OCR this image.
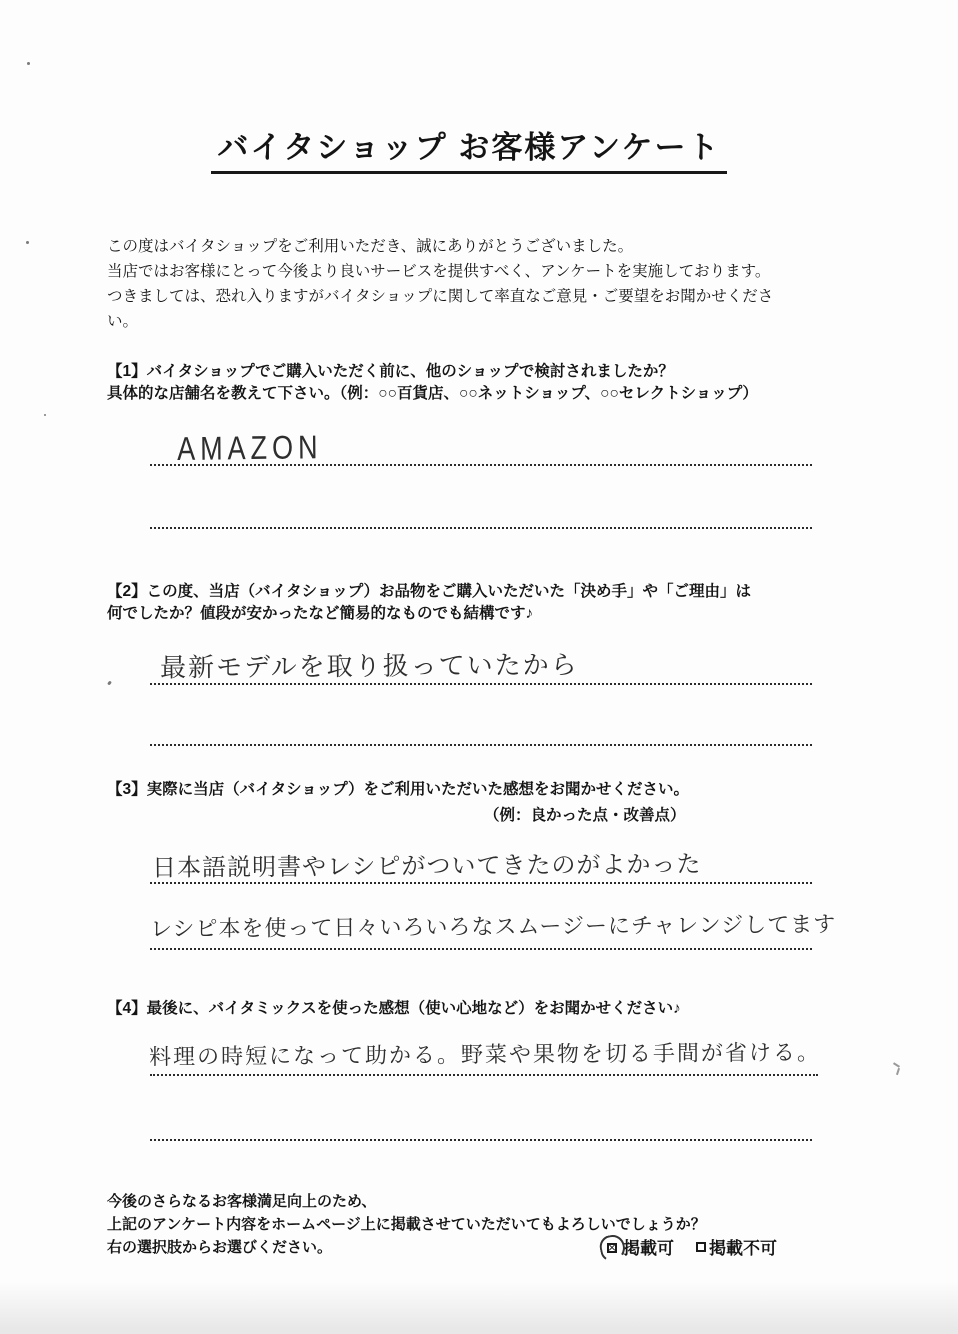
バイタショップ お客様アンケート
この度はバイタショップをご利用いただき、誠にありがとうございました。
当店ではお客様にとって今後より良いサービスを提供すべく、アンケートを実施しております。
つきましては、恐れ入りますがバイタショップに関して率直なご意見・ご要望をお聞かせくださ
い。
【1】バイタショップでご購入いただく前に、他のショップで検討されましたか？
具体的な店舗名を教えて下さい。（例：○○百貨店、○○ネットショップ、○○セレクトショップ）
AMAZON
【2】この度、当店（バイタショップ）お品物をご購入いただいた「決め手」や「ご理由」は
何でしたか？値段が安かったなど簡易的なものでも結構です♪
最新モデルを取り扱っていたから
【3】実際に当店（バイタショップ）をご利用いただいた感想をお聞かせください。
（例：良かった点・改善点）
日本語説明書やレシピがついてきたのがよかった
レシピ本を使って日々いろいろなスムージーにチャレンジしてます
【4】最後に、バイタミックスを使った感想（使い心地など）をお聞かせください♪
料理の時短になって助かる。野菜や果物を切る手間が省ける。
今後のさらなるお客様満足向上のため、
上記のアンケート内容をホームページ上に掲載させていただいてもよろしいでしょうか？
右の選択肢からお選びください。	掲載可 掲載不可
